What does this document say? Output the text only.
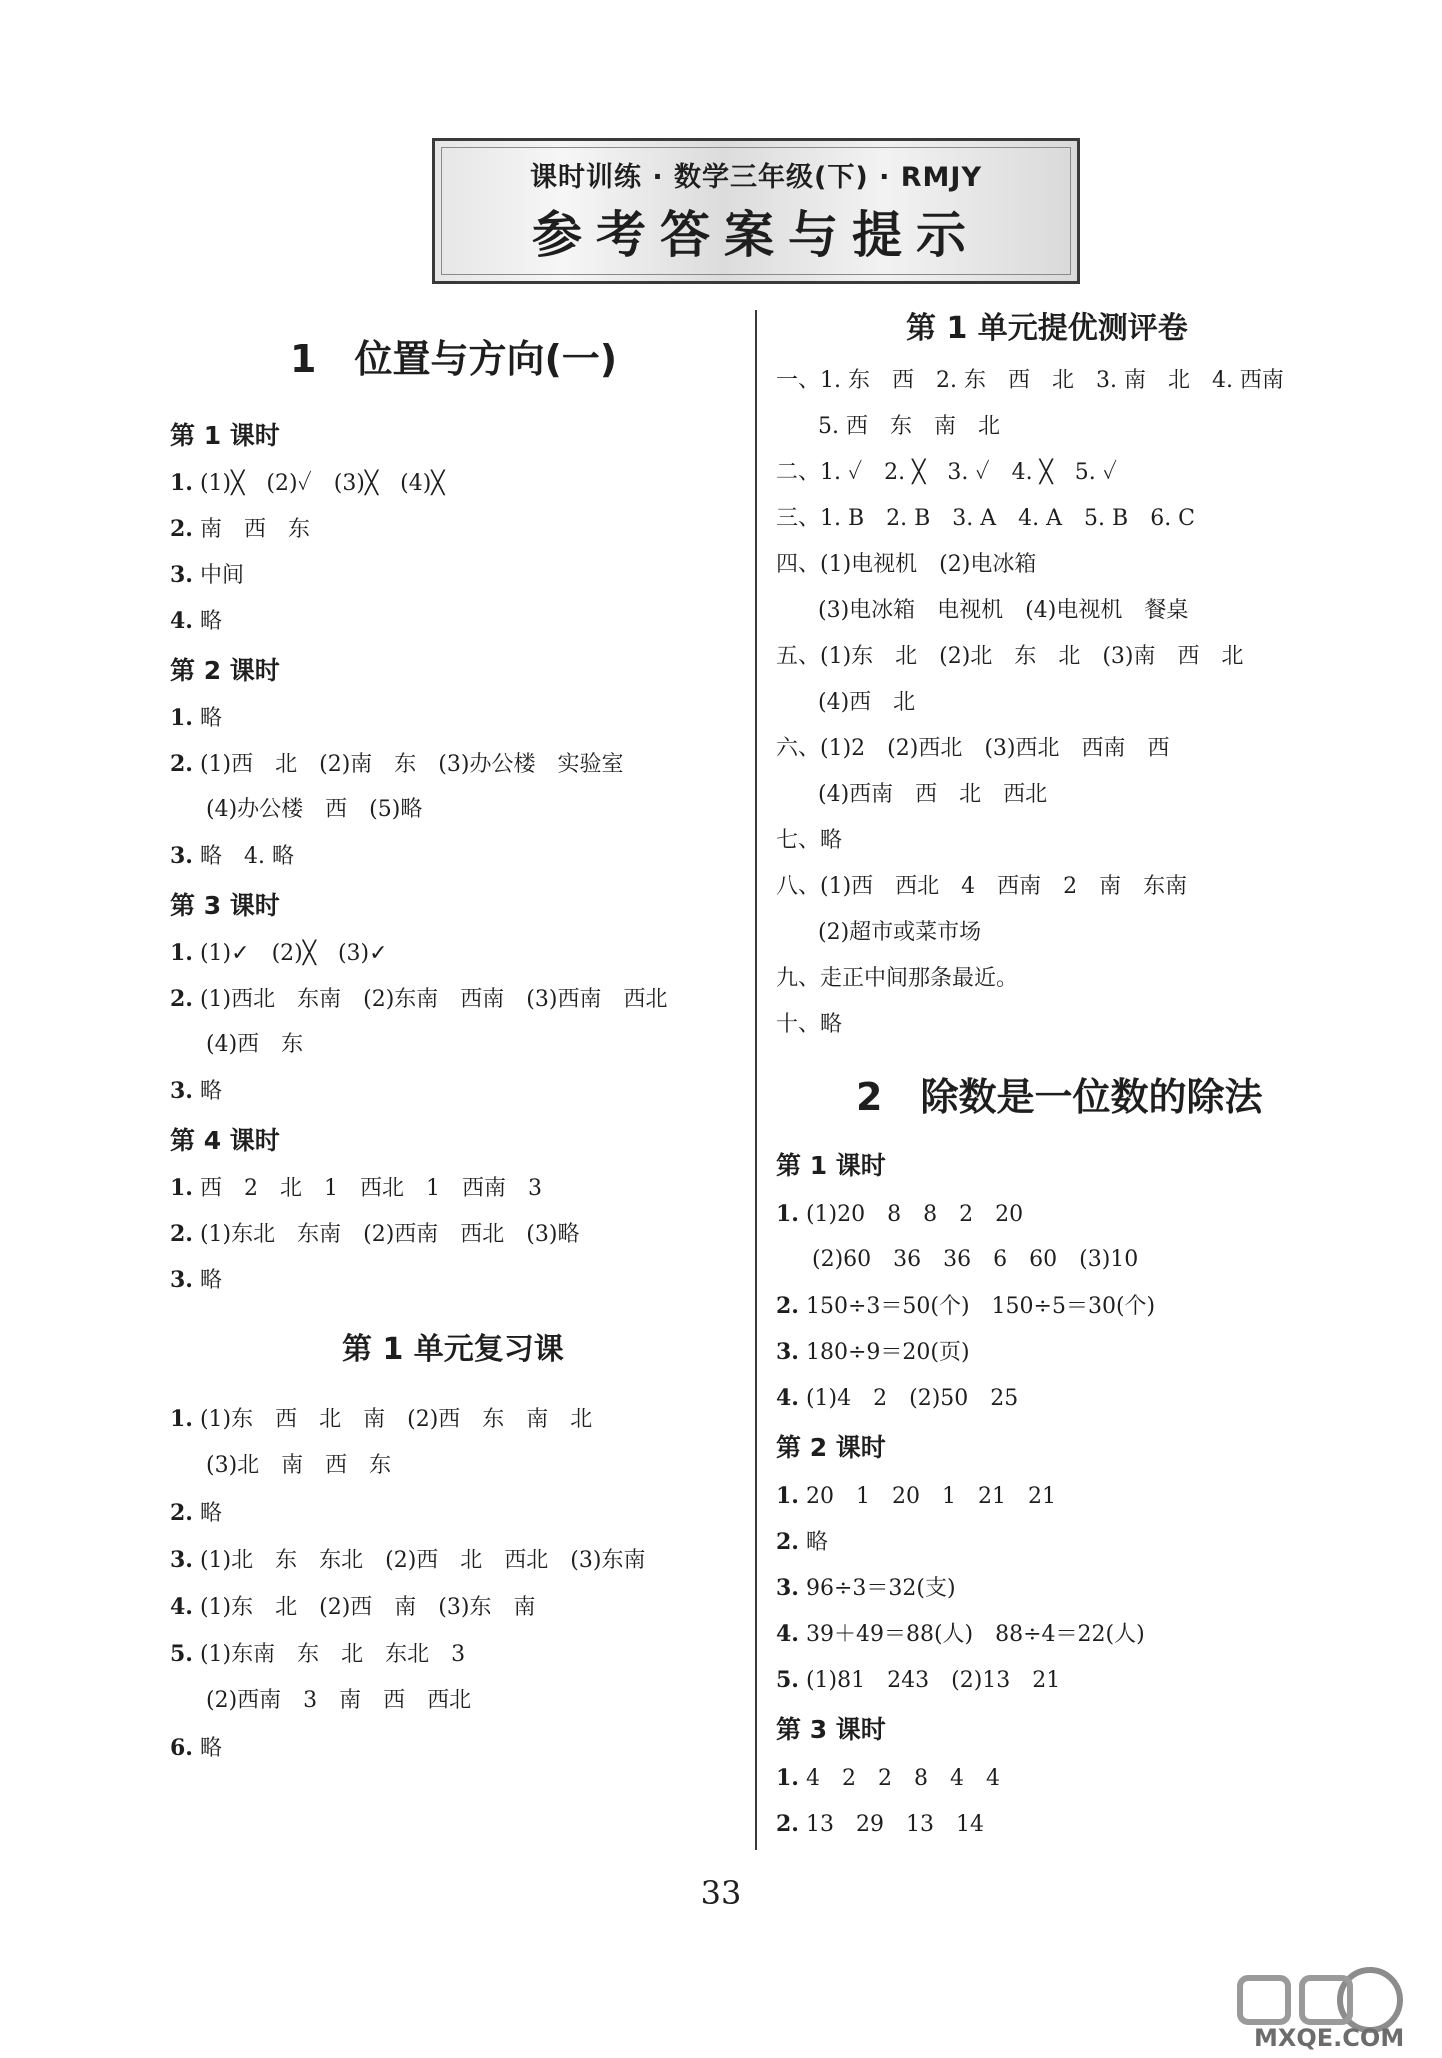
课时训练 · 数学三年级(下) · RMJY
参考答案与提示
1　位置与方向(一)
第 1 课时
1. (1)╳　(2)✓　(3)╳　(4)╳
2. 南　西　东
3. 中间
4. 略
第 2 课时
1. 略
2. (1)西　北　(2)南　东　(3)办公楼　实验室
(4)办公楼　西　(5)略
3. 略　4. 略
第 3 课时
1. (1)✓　(2)╳　(3)✓
2. (1)西北　东南　(2)东南　西南　(3)西南　西北
(4)西　东
3. 略
第 4 课时
1. 西　2　北　1　西北　1　西南　3
2. (1)东北　东南　(2)西南　西北　(3)略
3. 略
第 1 单元复习课
1. (1)东　西　北　南　(2)西　东　南　北
(3)北　南　西　东
2. 略
3. (1)北　东　东北　(2)西　北　西北　(3)东南
4. (1)东　北　(2)西　南　(3)东　南
5. (1)东南　东　北　东北　3
(2)西南　3　南　西　西北
6. 略
第 1 单元提优测评卷
一、1. 东　西　2. 东　西　北　3. 南　北　4. 西南
5. 西　东　南　北
二、1. ✓　2. ╳　3. ✓　4. ╳　5. ✓
三、1. B　2. B　3. A　4. A　5. B　6. C
四、(1)电视机　(2)电冰箱
(3)电冰箱　电视机　(4)电视机　餐桌
五、(1)东　北　(2)北　东　北　(3)南　西　北
(4)西　北
六、(1)2　(2)西北　(3)西北　西南　西
(4)西南　西　北　西北
七、略
八、(1)西　西北　4　西南　2　南　东南
(2)超市或菜市场
九、走正中间那条最近。
十、略
2　除数是一位数的除法
第 1 课时
1. (1)20　8　8　2　20
(2)60　36　36　6　60　(3)10
2. 150÷3＝50(个)　150÷5＝30(个)
3. 180÷9＝20(页)
4. (1)4　2　(2)50　25
第 2 课时
1. 20　1　20　1　21　21
2. 略
3. 96÷3＝32(支)
4. 39＋49＝88(人)　88÷4＝22(人)
5. (1)81　243　(2)13　21
第 3 课时
1. 4　2　2　8　4　4
2. 13　29　13　14
33
MXQE.COM
